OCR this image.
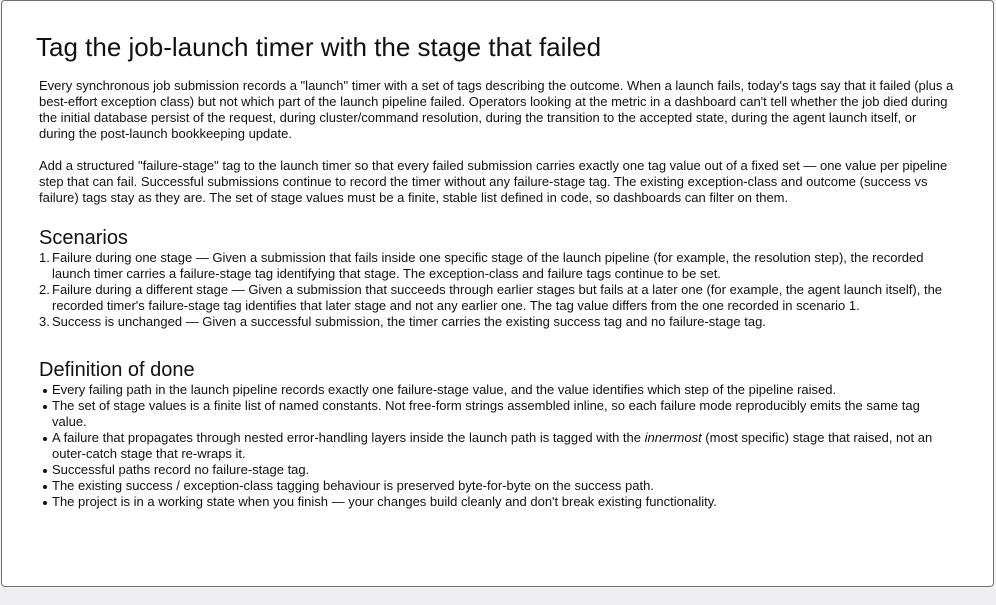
Tag the job-launch timer with the stage that failed

Every synchronous job submission records a "launch" timer with a set of tags describing the outcome. When a launch fails, today's tags say that it failed (plus a best-effort exception class) but not which part of the launch pipeline failed. Operators looking at the metric in a dashboard can't tell whether the job died during the initial database persist of the request, during cluster/command resolution, during the transition to the accepted state, during the agent launch itself, or during the post-launch bookkeeping update.

Add a structured "failure-stage" tag to the launch timer so that every failed submission carries exactly one tag value out of a fixed set — one value per pipeline step that can fail. Successful submissions continue to record the timer without any failure-stage tag. The existing exception-class and outcome (success vs failure) tags stay as they are. The set of stage values must be a finite, stable list defined in code, so dashboards can filter on them.

Scenarios
1. Failure during one stage — Given a submission that fails inside one specific stage of the launch pipeline (for example, the resolution step), the recorded launch timer carries a failure-stage tag identifying that stage. The exception-class and failure tags continue to be set.
2. Failure during a different stage — Given a submission that succeeds through earlier stages but fails at a later one (for example, the agent launch itself), the recorded timer's failure-stage tag identifies that later stage and not any earlier one. The tag value differs from the one recorded in scenario 1.
3. Success is unchanged — Given a successful submission, the timer carries the existing success tag and no failure-stage tag.
Definition of done
Every failing path in the launch pipeline records exactly one failure-stage value, and the value identifies which step of the pipeline raised.
The set of stage values is a finite list of named constants. Not free-form strings assembled inline, so each failure mode reproducibly emits the same tag value.
A failure that propagates through nested error-handling layers inside the launch path is tagged with the innermost (most specific) stage that raised, not an outer-catch stage that re-wraps it.
Successful paths record no failure-stage tag.
The existing success / exception-class tagging behaviour is preserved byte-for-byte on the success path.
The project is in a working state when you finish — your changes build cleanly and don't break existing functionality.
